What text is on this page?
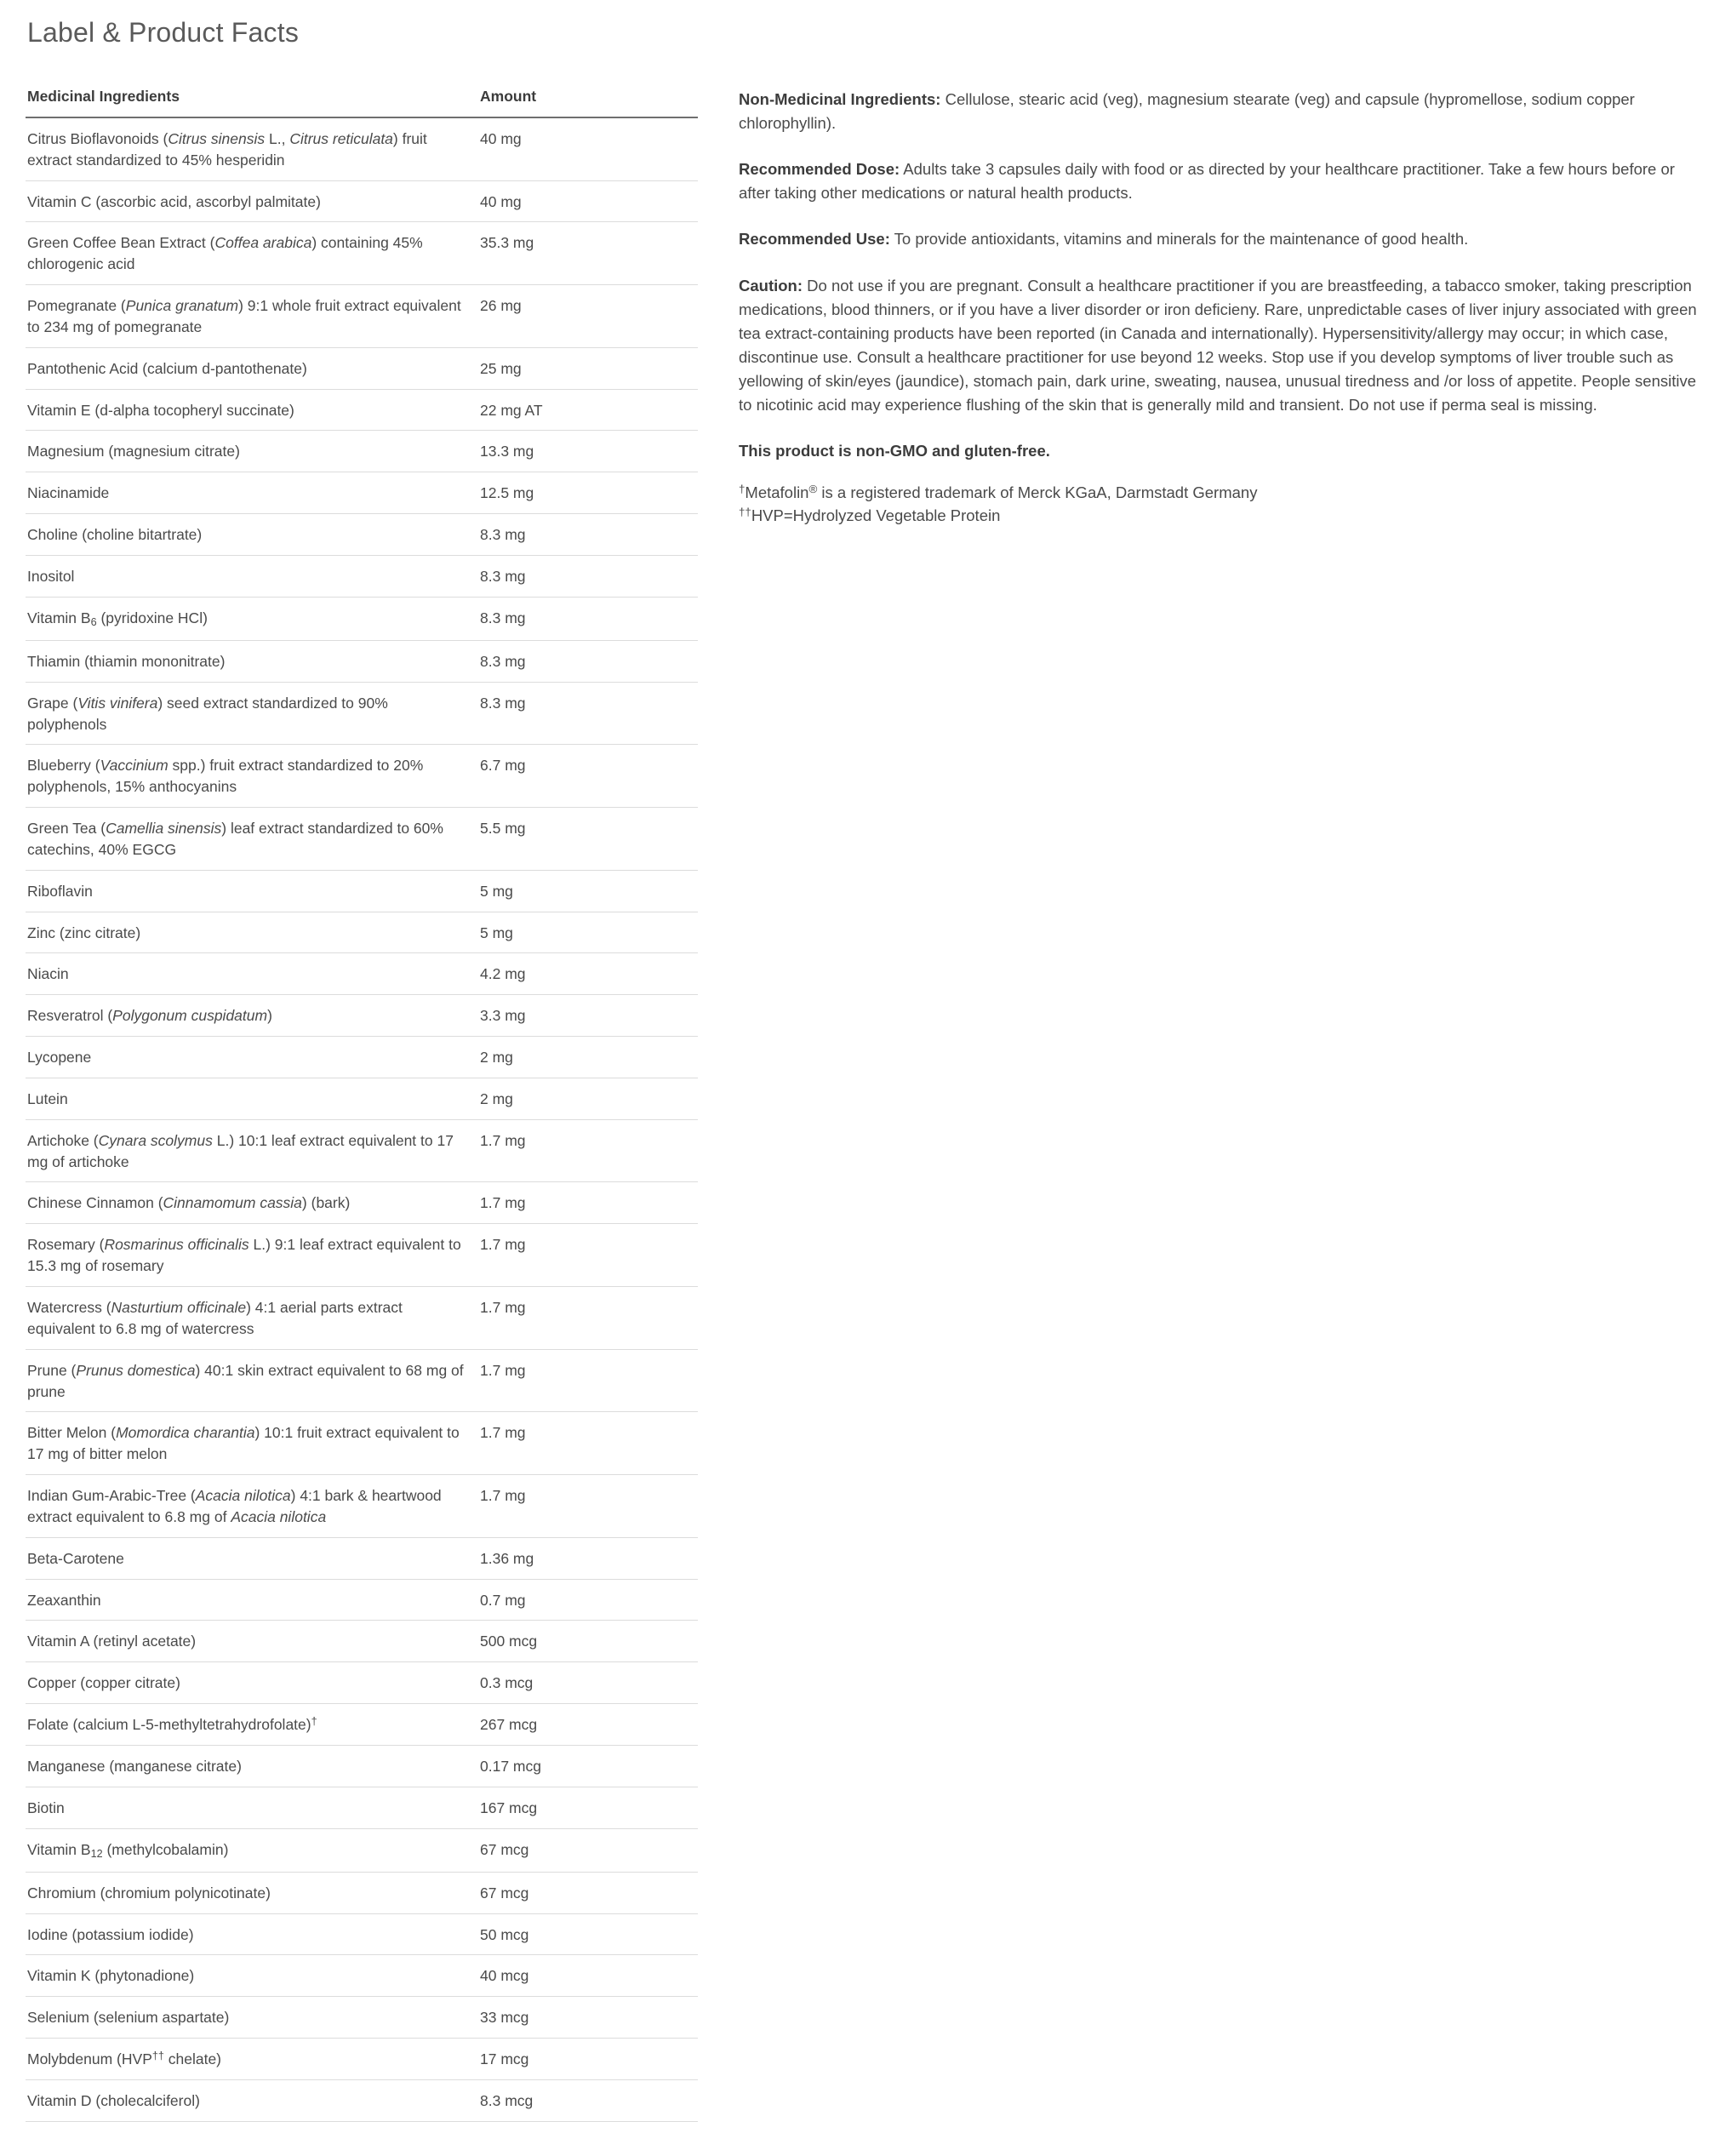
Label & Product Facts
Medicinal Ingredients	Amount
Citrus Bioflavonoids (Citrus sinensis L., Citrus reticulata) fruit extract standardized to 45% hesperidin	40 mg
Vitamin C (ascorbic acid, ascorbyl palmitate)	40 mg
Green Coffee Bean Extract (Coffea arabica) containing 45% chlorogenic acid	35.3 mg
Pomegranate (Punica granatum) 9:1 whole fruit extract equivalent to 234 mg of pomegranate	26 mg
Pantothenic Acid (calcium d-pantothenate)	25 mg
Vitamin E (d-alpha tocopheryl succinate)	22 mg AT
Magnesium (magnesium citrate)	13.3 mg
Niacinamide	12.5 mg
Choline (choline bitartrate)	8.3 mg
Inositol	8.3 mg
Vitamin $B_6$ (pyridoxine HCl)	8.3 mg
Thiamin (thiamin mononitrate)	8.3 mg
Grape (Vitis vinifera) seed extract standardized to 90% polyphenols	8.3 mg
Blueberry (Vaccinium spp.) fruit extract standardized to 20% polyphenols, 15% anthocyanins	6.7 mg
Green Tea (Camellia sinensis) leaf extract standardized to 60% catechins, 40% EGCG	5.5 mg
Riboflavin	5 mg
Zinc (zinc citrate)	5 mg
Niacin	4.2 mg
Resveratrol (Polygonum cuspidatum)	3.3 mg
Lycopene	2 mg
Lutein	2 mg
Artichoke (Cynara scolymus L.) 10:1 leaf extract equivalent to 17 mg of artichoke	1.7 mg
Chinese Cinnamon (Cinnamomum cassia) (bark)	1.7 mg
Rosemary (Rosmarinus officinalis L.) 9:1 leaf extract equivalent to 15.3 mg of rosemary	1.7 mg
Watercress (Nasturtium officinale) 4:1 aerial parts extract equivalent to 6.8 mg of watercress	1.7 mg
Prune (Prunus domestica) 40:1 skin extract equivalent to 68 mg of prune	1.7 mg
Bitter Melon (Momordica charantia) 10:1 fruit extract equivalent to 17 mg of bitter melon	1.7 mg
Indian Gum-Arabic-Tree (Acacia nilotica) 4:1 bark & heartwood extract equivalent to 6.8 mg of Acacia nilotica	1.7 mg
Beta-Carotene	1.36 mg
Zeaxanthin	0.7 mg
Vitamin A (retinyl acetate)	500 mcg
Copper (copper citrate)	0.3 mcg
Folate (calcium L-5-methyltetrahydrofolate)†	267 mcg
Manganese (manganese citrate)	0.17 mcg
Biotin	167 mcg
Vitamin $B_{12}$ (methylcobalamin)	67 mcg
Chromium (chromium polynicotinate)	67 mcg
Iodine (potassium iodide)	50 mcg
Vitamin K (phytonadione)	40 mcg
Selenium (selenium aspartate)	33 mcg
Molybdenum (HVP†† chelate)	17 mcg
Vitamin D (cholecalciferol)	8.3 mcg

Non-Medicinal Ingredients: Cellulose, stearic acid (veg), magnesium stearate (veg) and capsule (hypromellose, sodium copper chlorophyllin).

Recommended Dose: Adults take 3 capsules daily with food or as directed by your healthcare practitioner. Take a few hours before or after taking other medications or natural health products.

Recommended Use: To provide antioxidants, vitamins and minerals for the maintenance of good health.

Caution: Do not use if you are pregnant. Consult a healthcare practitioner if you are breastfeeding, a tabacco smoker, taking prescription medications, blood thinners, or if you have a liver disorder or iron deficieny. Rare, unpredictable cases of liver injury associated with green tea extract-containing products have been reported (in Canada and internationally). Hypersensitivity/allergy may occur; in which case, discontinue use. Consult a healthcare practitioner for use beyond 12 weeks. Stop use if you develop symptoms of liver trouble such as yellowing of skin/eyes (jaundice), stomach pain, dark urine, sweating, nausea, unusual tiredness and /or loss of appetite. People sensitive to nicotinic acid may experience flushing of the skin that is generally mild and transient. Do not use if perma seal is missing.

This product is non-GMO and gluten-free.

†Metafolin® is a registered trademark of Merck KGaA, Darmstadt Germany
††HVP=Hydrolyzed Vegetable Protein
